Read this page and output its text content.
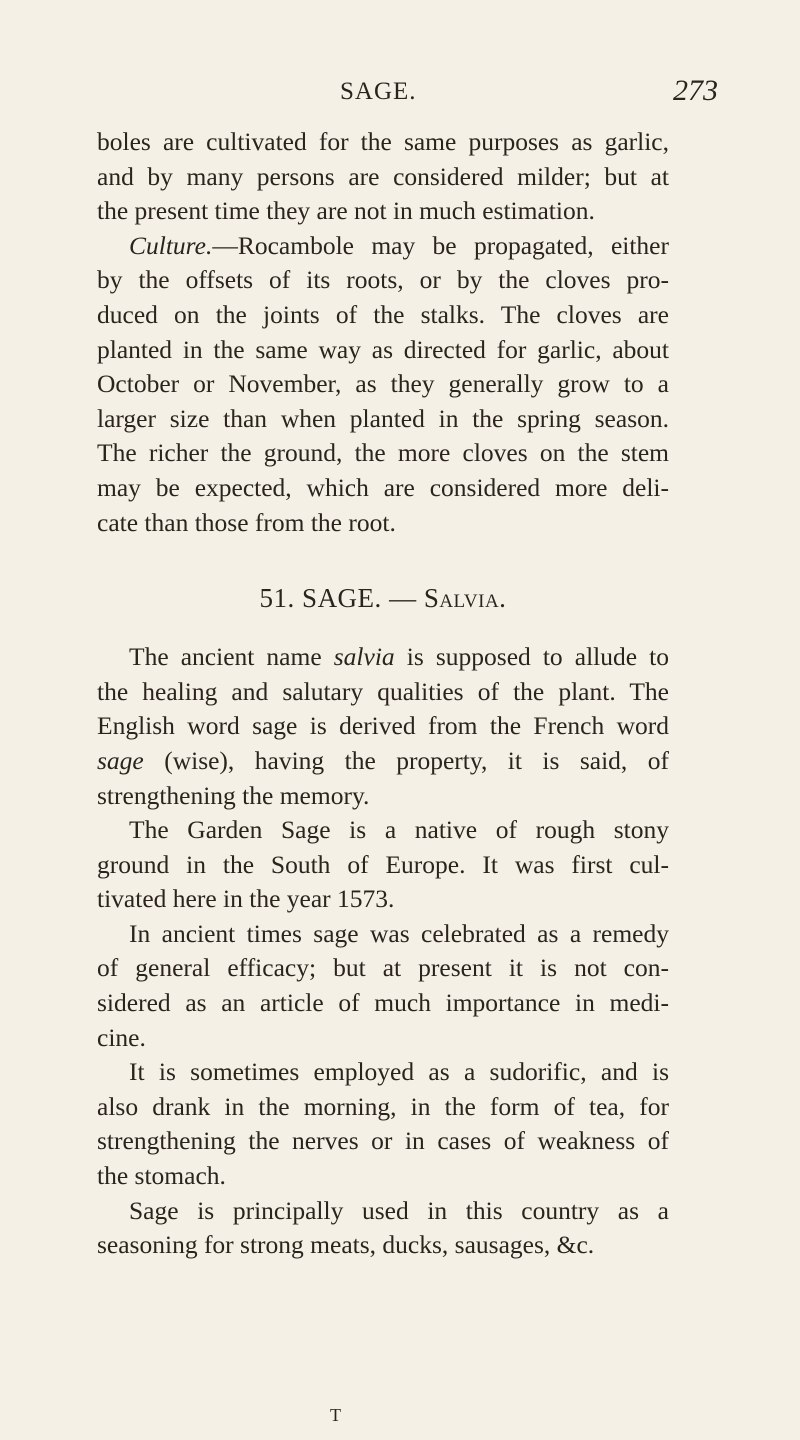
SAGE.	273
boles are cultivated for the same purposes as garlic,
and by many persons are considered milder; but at
the present time they are not in much estimation.
Culture.—Rocambole may be propagated, either
by the offsets of its roots, or by the cloves pro-
duced on the joints of the stalks. The cloves are
planted in the same way as directed for garlic, about
October or November, as they generally grow to a
larger size than when planted in the spring season.
The richer the ground, the more cloves on the stem
may be expected, which are considered more deli-
cate than those from the root.
51. SAGE. — Salvia.
The ancient name salvia is supposed to allude to
the healing and salutary qualities of the plant. The
English word sage is derived from the French word
sage (wise), having the property, it is said, of
strengthening the memory.
The Garden Sage is a native of rough stony
ground in the South of Europe. It was first cul-
tivated here in the year 1573.
In ancient times sage was celebrated as a remedy
of general efficacy; but at present it is not con-
sidered as an article of much importance in medi-
cine.
It is sometimes employed as a sudorific, and is
also drank in the morning, in the form of tea, for
strengthening the nerves or in cases of weakness of
the stomach.
Sage is principally used in this country as a
seasoning for strong meats, ducks, sausages, &c.
T
